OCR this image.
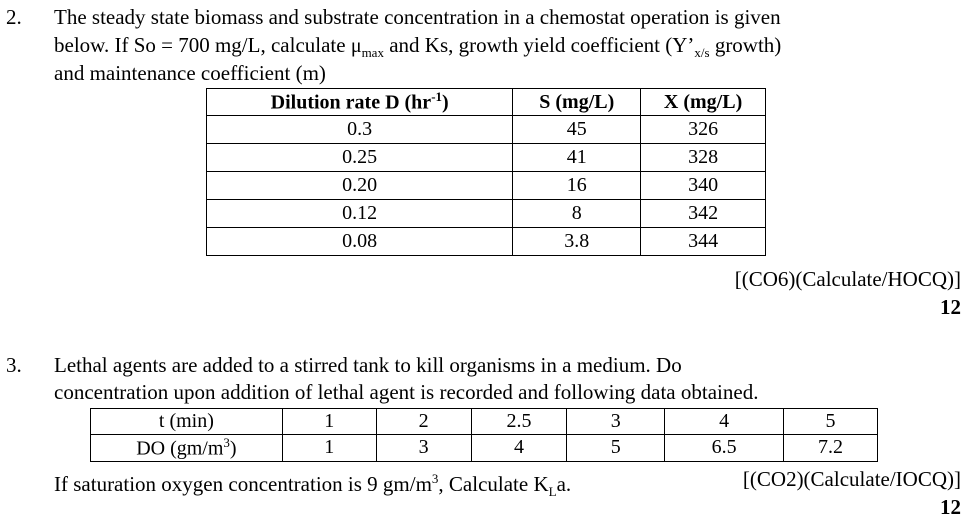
2. The steady state biomass and substrate concentration in a chemostat operation is given
below. If So = 700 mg/L, calculate $\mu_{max}$ and Ks, growth yield coefficient ($Y’_{x/s}$ growth)
and maintenance coefficient (m)
Dilution rate D $(hr^{-1})$	S (mg/L)	X (mg/L)
0.3	45	326
0.25	41	328
0.20	16	340
0.12	8	342
0.08	3.8	344
[(CO6)(Calculate/HOCQ)]
12
3. Lethal agents are added to a stirred tank to kill organisms in a medium. Do
concentration upon addition of lethal agent is recorded and following data obtained.
t (min)	1	2	2.5	3	4	5
DO $(gm/m^3)$	1	3	4	5	6.5	7.2
If saturation oxygen concentration is 9 $gm/m^3$, Calculate $K_La$.	[(CO2)(Calculate/IOCQ)]
12
